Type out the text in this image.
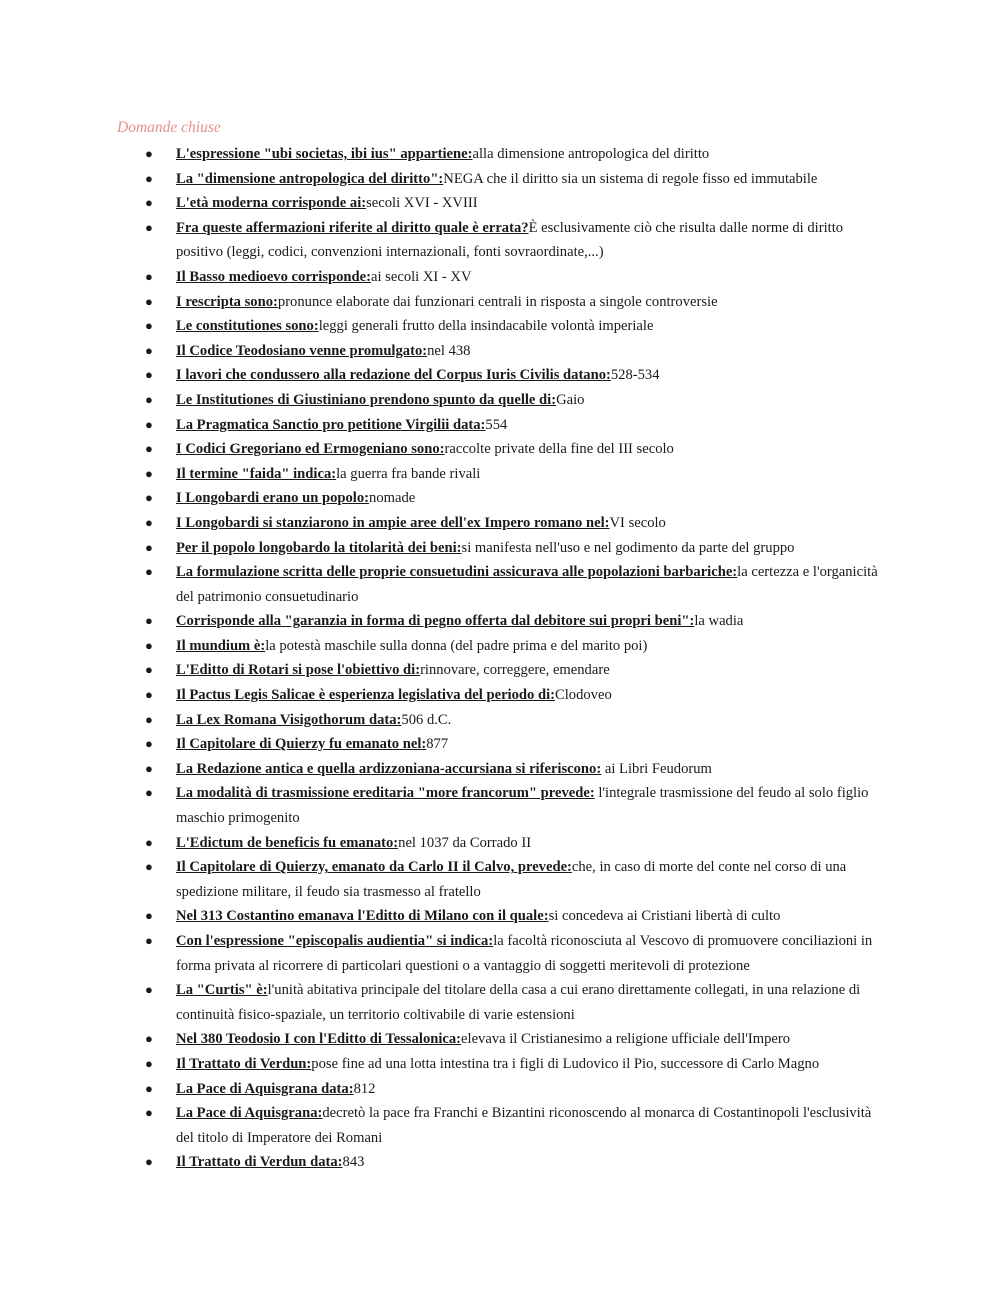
Domande chiuse
● L'espressione "ubi societas, ibi ius" appartiene:alla dimensione antropologica del diritto
● La "dimensione antropologica del diritto":NEGA che il diritto sia un sistema di regole fisso ed immutabile
● L'età moderna corrisponde ai:secoli XVI - XVIII
● Fra queste affermazioni riferite al diritto quale è errata?È esclusivamente ciò che risulta dalle norme di diritto positivo (leggi, codici, convenzioni internazionali, fonti sovraordinate,...)
● Il Basso medioevo corrisponde:ai secoli XI - XV
● I rescripta sono:pronunce elaborate dai funzionari centrali in risposta a singole controversie
● Le constitutiones sono:leggi generali frutto della insindacabile volontà imperiale
● Il Codice Teodosiano venne promulgato:nel 438
● I lavori che condussero alla redazione del Corpus Iuris Civilis datano:528-534
● Le Institutiones di Giustiniano prendono spunto da quelle di:Gaio
● La Pragmatica Sanctio pro petitione Virgilii data:554
● I Codici Gregoriano ed Ermogeniano sono:raccolte private della fine del III secolo
● Il termine "faida" indica:la guerra fra bande rivali
● I Longobardi erano un popolo:nomade
● I Longobardi si stanziarono in ampie aree dell'ex Impero romano nel:VI secolo
● Per il popolo longobardo la titolarità dei beni:si manifesta nell'uso e nel godimento da parte del gruppo
● La formulazione scritta delle proprie consuetudini assicurava alle popolazioni barbariche:la certezza e l'organicità del patrimonio consuetudinario
● Corrisponde alla "garanzia in forma di pegno offerta dal debitore sui propri beni":la wadia
● Il mundium è:la potestà maschile sulla donna (del padre prima e del marito poi)
● L'Editto di Rotari si pose l'obiettivo di:rinnovare, correggere, emendare
● Il Pactus Legis Salicae è esperienza legislativa del periodo di:Clodoveo
● La Lex Romana Visigothorum data:506 d.C.
● Il Capitolare di Quierzy fu emanato nel:877
● La Redazione antica e quella ardizzoniana-accursiana si riferiscono: ai Libri Feudorum
● La modalità di trasmissione ereditaria "more francorum" prevede: l'integrale trasmissione del feudo al solo figlio maschio primogenito
● L'Edictum de beneficis fu emanato:nel 1037 da Corrado II
● Il Capitolare di Quierzy, emanato da Carlo II il Calvo, prevede:che, in caso di morte del conte nel corso di una spedizione militare, il feudo sia trasmesso al fratello
● Nel 313 Costantino emanava l'Editto di Milano con il quale:si concedeva ai Cristiani libertà di culto
● Con l'espressione "episcopalis audientia" si indica:la facoltà riconosciuta al Vescovo di promuovere conciliazioni in forma privata al ricorrere di particolari questioni o a vantaggio di soggetti meritevoli di protezione
● La "Curtis" è:l'unità abitativa principale del titolare della casa a cui erano direttamente collegati, in una relazione di continuità fisico-spaziale, un territorio coltivabile di varie estensioni
● Nel 380 Teodosio I con l'Editto di Tessalonica:elevava il Cristianesimo a religione ufficiale dell'Impero
● Il Trattato di Verdun:pose fine ad una lotta intestina tra i figli di Ludovico il Pio, successore di Carlo Magno
● La Pace di Aquisgrana data:812
● La Pace di Aquisgrana:decretò la pace fra Franchi e Bizantini riconoscendo al monarca di Costantinopoli l'esclusività del titolo di Imperatore dei Romani
● Il Trattato di Verdun data:843
